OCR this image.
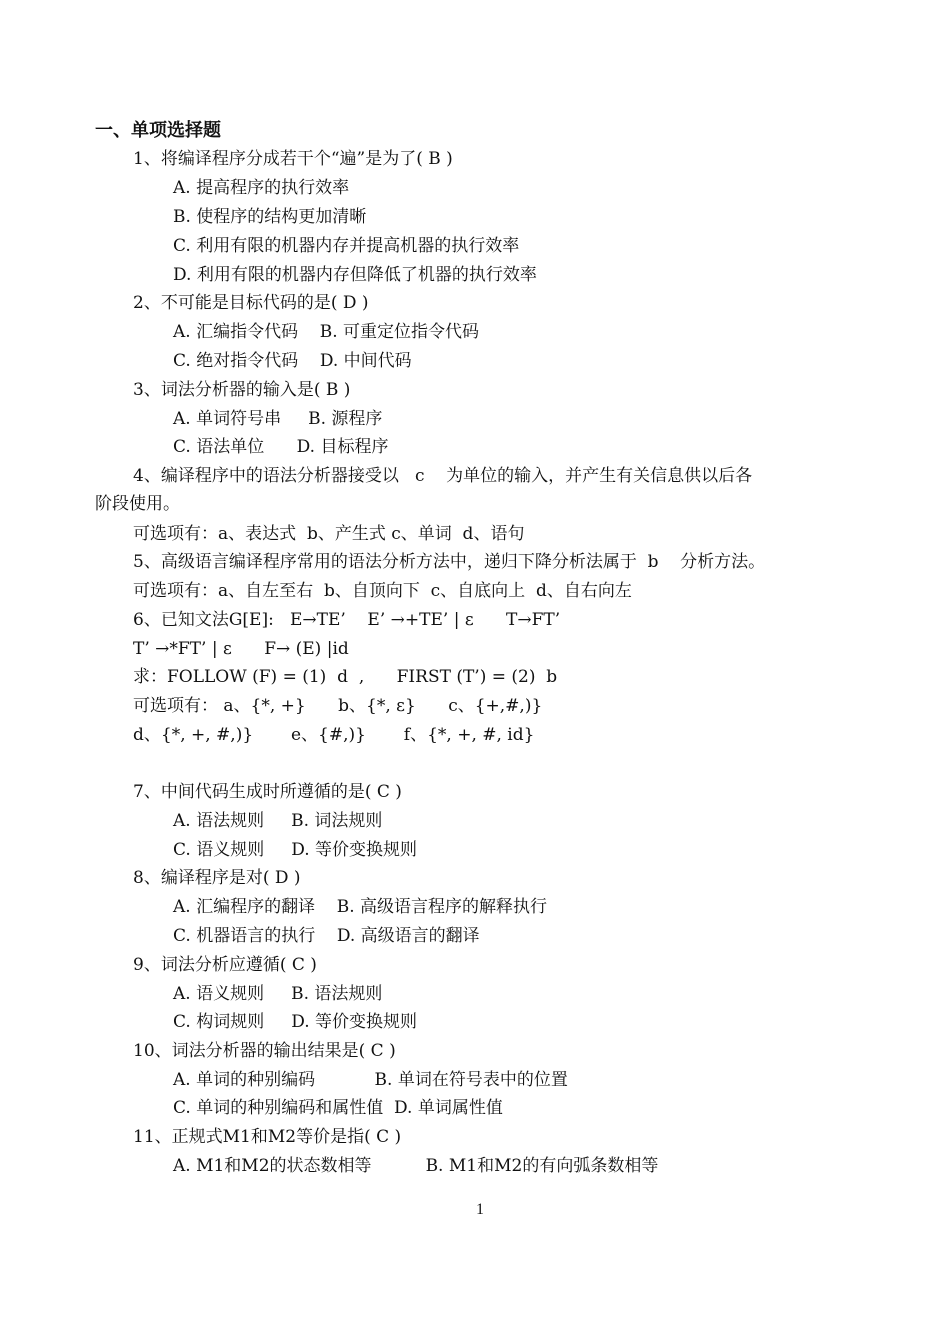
一、单项选择题
1、将编译程序分成若干个“遍”是为了( B )
A. 提高程序的执行效率
B. 使程序的结构更加清晰
C. 利用有限的机器内存并提高机器的执行效率
D. 利用有限的机器内存但降低了机器的执行效率
2、不可能是目标代码的是( D )
A. 汇编指令代码    B. 可重定位指令代码
C. 绝对指令代码    D. 中间代码
3、词法分析器的输入是( B )
A. 单词符号串     B. 源程序
C. 语法单位      D. 目标程序
4、编译程序中的语法分析器接受以   c    为单位的输入，并产生有关信息供以后各
阶段使用。
可选项有：a、表达式  b、产生式 c、单词  d、语句
5、高级语言编译程序常用的语法分析方法中，递归下降分析法属于  b    分析方法。
可选项有：a、自左至右  b、自顶向下  c、自底向上  d、自右向左
6、已知文法G[E]:   E→TE’    E’ →+TE’ | ε      T→FT’
T’ →*FT’ | ε      F→ (E) |id
求：FOLLOW (F) = (1)  d  ,      FIRST (T’) = (2)  b
可选项有： a、{*, +}      b、{*, ε}      c、{+,#,)}
d、{*, +, #,)}       e、{#,)}       f、{*, +, #, id}
7、中间代码生成时所遵循的是( C )
A. 语法规则     B. 词法规则
C. 语义规则     D. 等价变换规则
8、编译程序是对( D )
A. 汇编程序的翻译    B. 高级语言程序的解释执行
C. 机器语言的执行    D. 高级语言的翻译
9、词法分析应遵循( C )
A. 语义规则     B. 语法规则
C. 构词规则     D. 等价变换规则
10、词法分析器的输出结果是( C )
A. 单词的种别编码           B. 单词在符号表中的位置
C. 单词的种别编码和属性值  D. 单词属性值
11、正规式M1和M2等价是指( C )
A. M1和M2的状态数相等          B. M1和M2的有向弧条数相等
1
